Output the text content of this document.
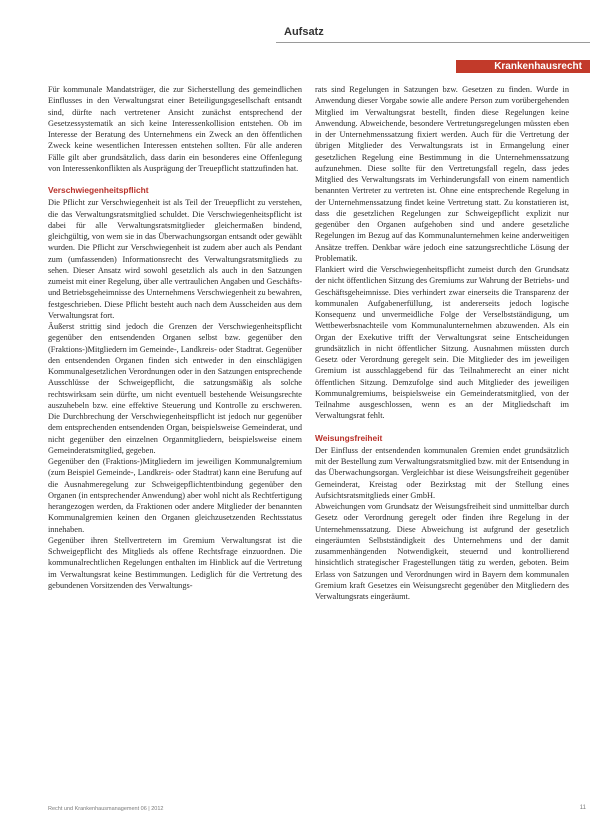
Aufsatz
Krankenhausrecht

Für kommunale Mandatsträger, die zur Sicherstellung des gemeindlichen Einflusses in den Verwaltungsrat einer Beteiligungsgesellschaft entsandt sind, dürfte nach vertretener Ansicht zunächst entsprechend der Gesetzessystematik an sich keine Interessenkollision entstehen. Ob im Interesse der Beratung des Unternehmens ein Zweck an den öffentlichen Zweck keine wesentlichen Interessen entstehen sollten. Für alle anderen Fälle gilt aber grundsätzlich, dass darin ein besonderes eine Offenlegung von Interessenkonflikten als Ausprägung der Treuepflicht stattzufinden hat.

Verschwiegenheitspflicht

Die Pflicht zur Verschwiegenheit ist als Teil der Treuepflicht zu verstehen, die das Verwaltungsratsmitglied schuldet. Die Verschwiegenheitspflicht ist dabei für alle Verwaltungsratsmitglieder gleichermaßen bindend, gleichgültig, von wem sie in das Überwachungsorgan entsandt oder gewählt wurden. Die Pflicht zur Verschwiegenheit ist zudem aber auch als Pendant zum (umfassenden) Informationsrecht des Verwaltungsratsmitglieds zu sehen. Dieser Ansatz wird sowohl gesetzlich als auch in den Satzungen zumeist mit einer Regelung, über alle vertraulichen Angaben und Geschäfts- und Betriebsgeheimnisse des Unternehmens Verschwiegenheit zu bewahren, festgeschrieben. Diese Pflicht besteht auch nach dem Ausscheiden aus dem Verwaltungsrat fort.

Äußerst strittig sind jedoch die Grenzen der Verschwiegenheitspflicht gegenüber den entsendenden Organen selbst bzw. gegenüber den (Fraktions-)Mitgliedern im Gemeinde-, Landkreis- oder Stadtrat. Gegenüber den entsendenden Organen finden sich entweder in den einschlägigen Kommunalgesetzlichen Verordnungen oder in den Satzungen entsprechende Ausschlüsse der Schweigepflicht, die satzungsmäßig als solche rechtswirksam sein dürfte, um nicht eventuell bestehende Weisungsrechte auszuhebeln bzw. eine effektive Steuerung und Kontrolle zu erschweren. Die Durchbrechung der Verschwiegenheitspflicht ist jedoch nur gegenüber dem entsprechenden entsendenden Organ, beispielsweise Gemeinderat, und nicht gegenüber den einzelnen Organmitgliedern, beispielsweise einem Gemeinderatsmitglied, gegeben.

Gegenüber den (Fraktions-)Mitgliedern im jeweiligen Kommunalgremium (zum Beispiel Gemeinde-, Landkreis- oder Stadtrat) kann eine Berufung auf die Ausnahmeregelung zur Schweigepflichtentbindung gegenüber den Organen (in entsprechender Anwendung) aber wohl nicht als Rechtfertigung herangezogen werden, da Fraktionen oder andere Mitglieder der benannten Kommunalgremien keinen den Organen gleichzusetzenden Rechtsstatus innehaben.

Gegenüber ihren Stellvertretern im Gremium Verwaltungsrat ist die Schweigepflicht des Mitglieds als offene Rechtsfrage einzuordnen. Die kommunalrechtlichen Regelungen enthalten im Hinblick auf die Vertretung im Verwaltungsrat keine Bestimmungen. Lediglich für die Vertretung des gebundenen Vorsitzenden des Verwaltungs-

rats sind Regelungen in Satzungen bzw. Gesetzen zu finden. Wurde in Anwendung dieser Vorgabe sowie alle andere Person zum vorübergehenden Mitglied im Verwaltungsrat bestellt, finden diese Regelungen keine Anwendung. Abweichende, besondere Vertretungsregelungen müssten eben in der Unternehmenssatzung fixiert werden. Auch für die Vertretung der übrigen Mitglieder des Verwaltungsrats ist in Ermangelung einer gesetzlichen Regelung eine Bestimmung in die Unternehmenssatzung aufzunehmen. Diese sollte für den Vertretungsfall regeln, dass jedes Mitglied des Verwaltungsrats im Verhinderungsfall von einem namentlich benannten Vertreter zu vertreten ist. Ohne eine entsprechende Regelung in der Unternehmenssatzung findet keine Vertretung statt. Zu konstatieren ist, dass die gesetzlichen Regelungen zur Schweigepflicht explizit nur gegenüber den Organen aufgehoben sind und andere gesetzliche Regelungen im Bezug auf das Kommunalunternehmen keine anderweitigen Ansätze treffen. Denkbar wäre jedoch eine satzungsrechtliche Lösung der Problematik.

Flankiert wird die Verschwiegenheitspflicht zumeist durch den Grundsatz der nicht öffentlichen Sitzung des Gremiums zur Wahrung der Betriebs- und Geschäftsgeheimnisse. Dies verhindert zwar einerseits die Transparenz der kommunalen Aufgabenerfüllung, ist andererseits jedoch logische Konsequenz und unvermeidliche Folge der Verselbstständigung, um Wettbewerbsnachteile vom Kommunalunternehmen abzuwenden. Als ein Organ der Exekutive trifft der Verwaltungsrat seine Entscheidungen grundsätzlich in nicht öffentlicher Sitzung. Ausnahmen müssten durch Gesetz oder Verordnung geregelt sein. Die Mitglieder des im jeweiligen Gremium ist ausschlaggebend für das Teilnahmerecht an einer nicht öffentlichen Sitzung. Demzufolge sind auch Mitglieder des jeweiligen Kommunalgremiums, beispielsweise ein Gemeinderatsmitglied, von der Teilnahme ausgeschlossen, wenn es an der Mitgliedschaft im Verwaltungsrat fehlt.

Weisungsfreiheit

Der Einfluss der entsendenden kommunalen Gremien endet grundsätzlich mit der Bestellung zum Verwaltungsratsmitglied bzw. mit der Entsendung in das Überwachungsorgan. Vergleichbar ist diese Weisungsfreiheit gegenüber Gemeinderat, Kreistag oder Bezirkstag mit der Stellung eines Aufsichtsratsmitglieds einer GmbH.

Abweichungen vom Grundsatz der Weisungsfreiheit sind unmittelbar durch Gesetz oder Verordnung geregelt oder finden ihre Regelung in der Unternehmenssatzung. Diese Abweichung ist aufgrund der gesetzlich eingeräumten Selbstständigkeit des Unternehmens und der damit zusammenhängenden Notwendigkeit, steuernd und kontrollierend hinsichtlich strategischer Fragestellungen tätig zu werden, geboten. Beim Erlass von Satzungen und Verordnungen wird in Bayern dem kommunalen Gremium kraft Gesetzes ein Weisungsrecht gegenüber den Mitgliedern des Verwaltungsrats eingeräumt.

Recht und Krankenhausmanagement 06 | 2012	11
